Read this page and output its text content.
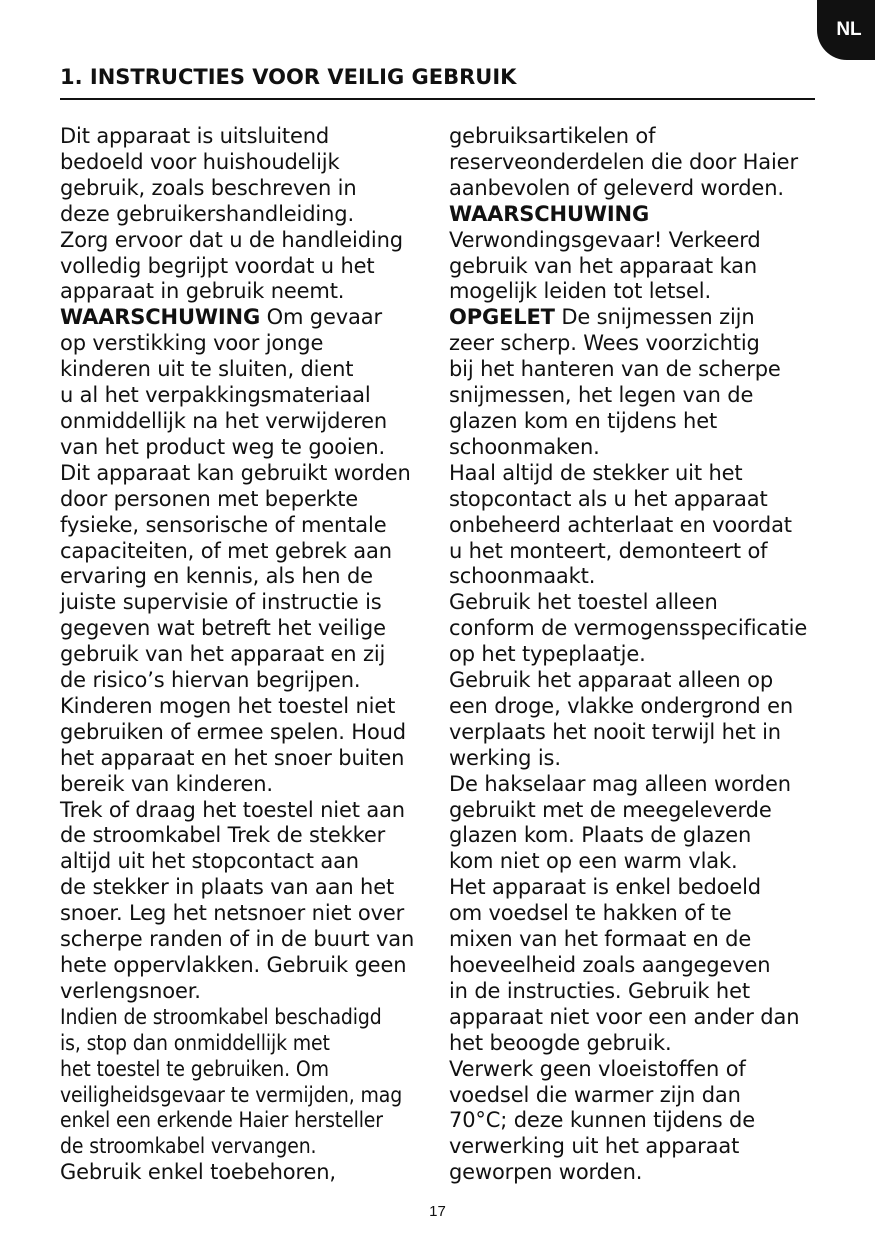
NL
1. INSTRUCTIES VOOR VEILIG GEBRUIK
Dit apparaat is uitsluitend
bedoeld voor huishoudelijk
gebruik, zoals beschreven in
deze gebruikershandleiding.
Zorg ervoor dat u de handleiding
volledig begrijpt voordat u het
apparaat in gebruik neemt.
WAARSCHUWING Om gevaar
op verstikking voor jonge
kinderen uit te sluiten, dient
u al het verpakkingsmateriaal
onmiddellijk na het verwijderen
van het product weg te gooien.
Dit apparaat kan gebruikt worden
door personen met beperkte
fysieke, sensorische of mentale
capaciteiten, of met gebrek aan
ervaring en kennis, als hen de
juiste supervisie of instructie is
gegeven wat betreft het veilige
gebruik van het apparaat en zij
de risico’s hiervan begrijpen.
Kinderen mogen het toestel niet
gebruiken of ermee spelen. Houd
het apparaat en het snoer buiten
bereik van kinderen.
Trek of draag het toestel niet aan
de stroomkabel Trek de stekker
altijd uit het stopcontact aan
de stekker in plaats van aan het
snoer. Leg het netsnoer niet over
scherpe randen of in de buurt van
hete oppervlakken. Gebruik geen
verlengsnoer.
Indien de stroomkabel beschadigd
is, stop dan onmiddellijk met
het toestel te gebruiken. Om
veiligheidsgevaar te vermijden, mag
enkel een erkende Haier hersteller
de stroomkabel vervangen.
Gebruik enkel toebehoren,
gebruiksartikelen of
reserveonderdelen die door Haier
aanbevolen of geleverd worden.
WAARSCHUWING
Verwondingsgevaar! Verkeerd
gebruik van het apparaat kan
mogelijk leiden tot letsel.
OPGELET De snijmessen zijn
zeer scherp. Wees voorzichtig
bij het hanteren van de scherpe
snijmessen, het legen van de
glazen kom en tijdens het
schoonmaken.
Haal altijd de stekker uit het
stopcontact als u het apparaat
onbeheerd achterlaat en voordat
u het monteert, demonteert of
schoonmaakt.
Gebruik het toestel alleen
conform de vermogensspecificatie
op het typeplaatje.
Gebruik het apparaat alleen op
een droge, vlakke ondergrond en
verplaats het nooit terwijl het in
werking is.
De hakselaar mag alleen worden
gebruikt met de meegeleverde
glazen kom. Plaats de glazen
kom niet op een warm vlak.
Het apparaat is enkel bedoeld
om voedsel te hakken of te
mixen van het formaat en de
hoeveelheid zoals aangegeven
in de instructies. Gebruik het
apparaat niet voor een ander dan
het beoogde gebruik.
Verwerk geen vloeistoffen of
voedsel die warmer zijn dan
70°C; deze kunnen tijdens de
verwerking uit het apparaat
geworpen worden.
17
